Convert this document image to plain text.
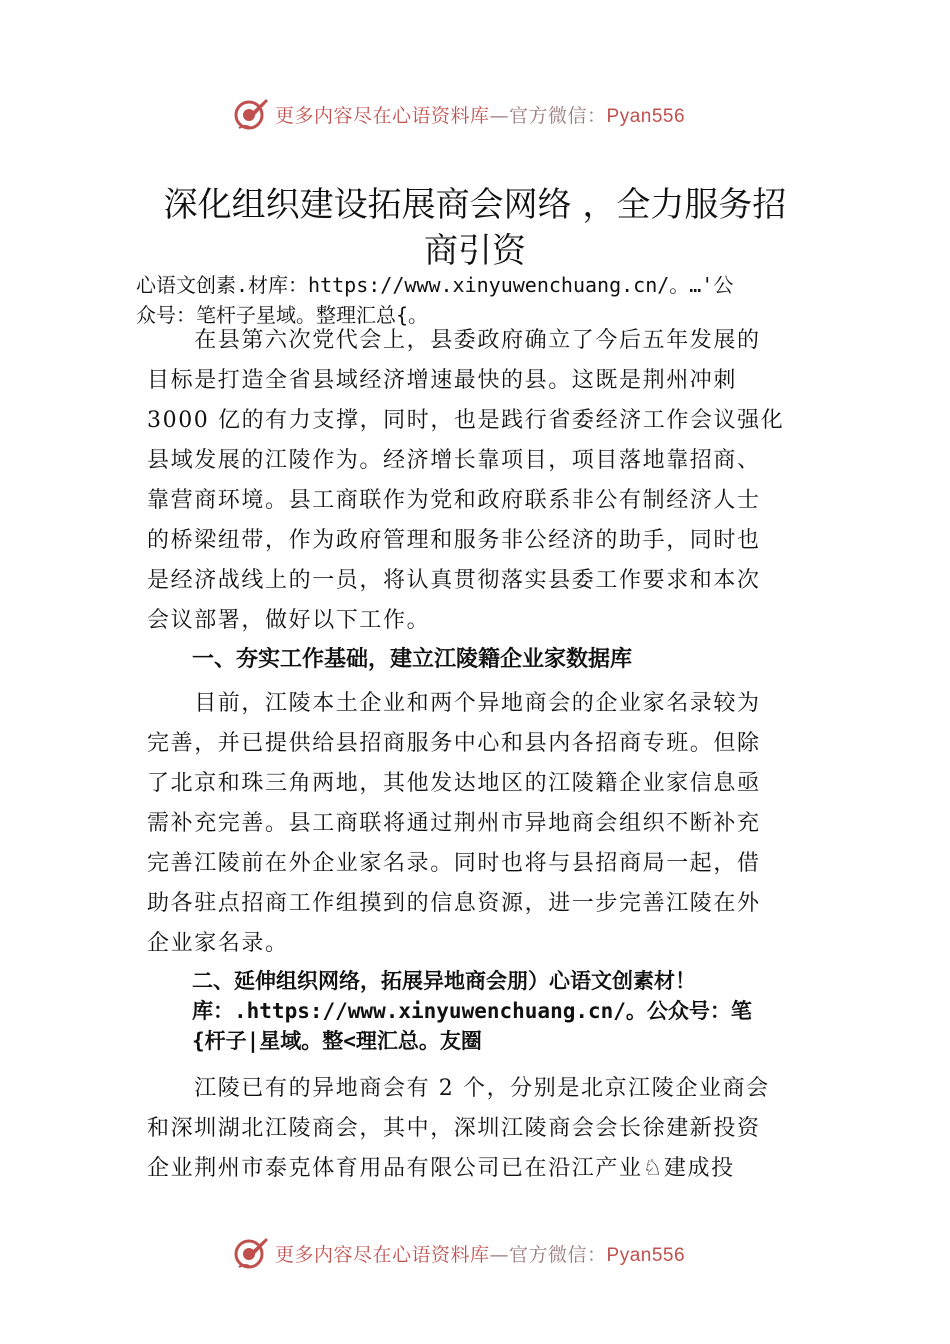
更多内容尽在心语资料库—官方微信：Pyan556
深化组织建设拓展商会网络 ，全力服务招
商引资

心语文创素.材库：https://www.xinyuwenchuang.cn/。…'公
众号：笔杆子星域。整理汇总{。

　　在县第六次党代会上，县委政府确立了今后五年发展的
目标是打造全省县域经济增速最快的县。这既是荆州冲刺
3000 亿的有力支撑，同时，也是践行省委经济工作会议强化
县域发展的江陵作为。经济增长靠项目，项目落地靠招商、
靠营商环境。县工商联作为党和政府联系非公有制经济人士
的桥梁纽带，作为政府管理和服务非公经济的助手，同时也
是经济战线上的一员，将认真贯彻落实县委工作要求和本次
会议部署，做好以下工作。

一、夯实工作基础，建立江陵籍企业家数据库

　　目前，江陵本土企业和两个异地商会的企业家名录较为
完善，并已提供给县招商服务中心和县内各招商专班。但除
了北京和珠三角两地，其他发达地区的江陵籍企业家信息亟
需补充完善。县工商联将通过荆州市异地商会组织不断补充
完善江陵前在外企业家名录。同时也将与县招商局一起，借
助各驻点招商工作组摸到的信息资源，进一步完善江陵在外
企业家名录。

二、延伸组织网络，拓展异地商会朋）心语文创素材！
库：.https://www.xinyuwenchuang.cn/。公众号：笔
{杆子|星域。整<理汇总。友圈

　　江陵已有的异地商会有 2 个，分别是北京江陵企业商会
和深圳湖北江陵商会，其中，深圳江陵商会会长徐建新投资
企业荆州市泰克体育用品有限公司已在沿江产业♘建成投

更多内容尽在心语资料库—官方微信：Pyan556
